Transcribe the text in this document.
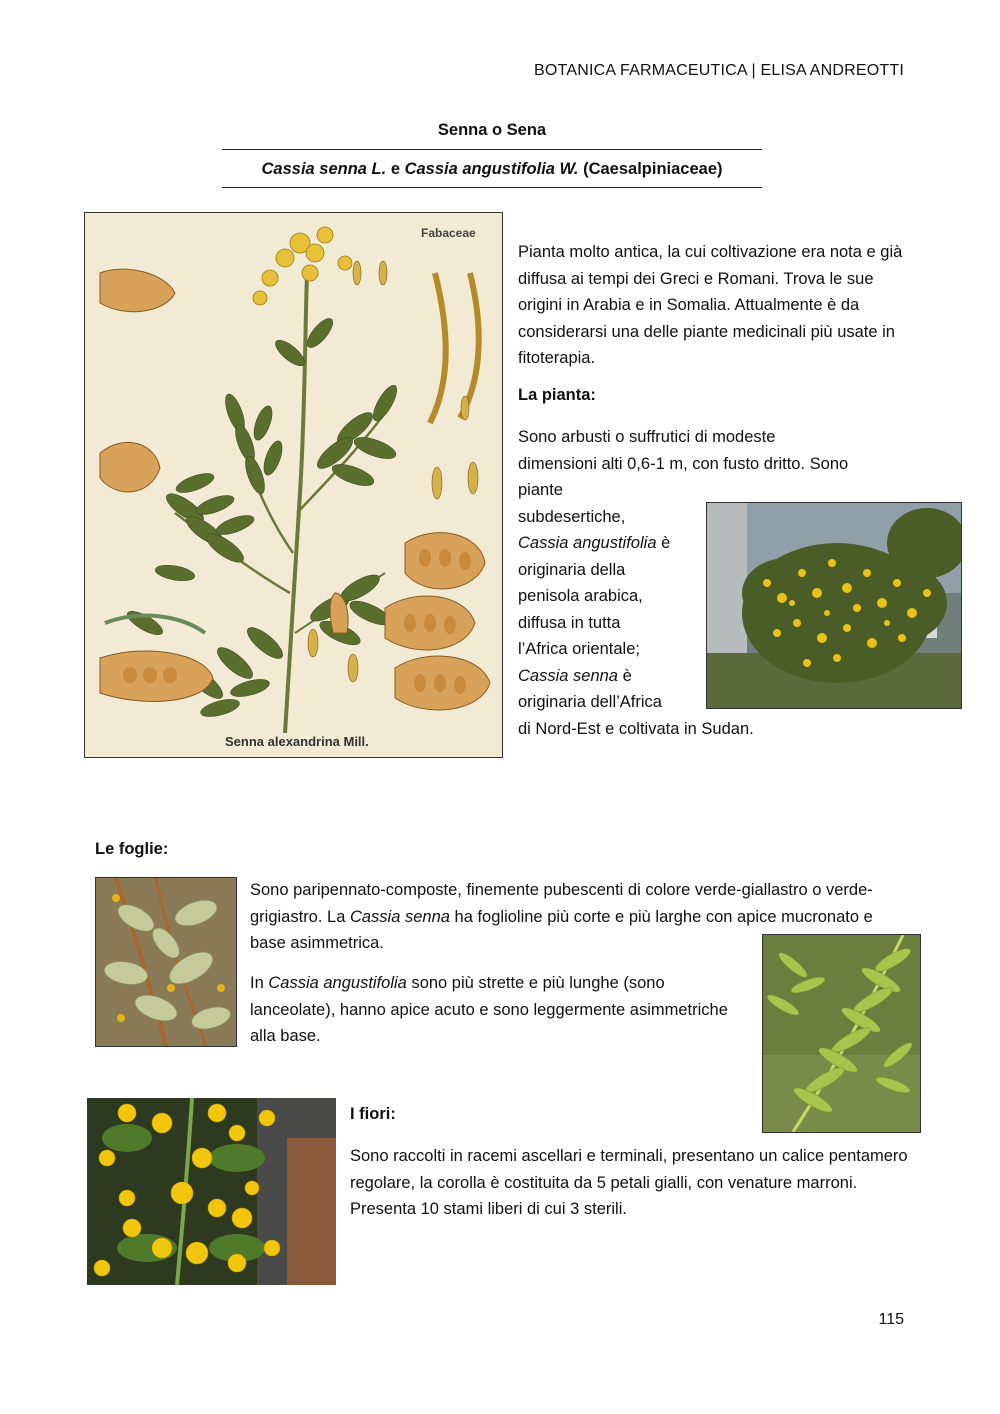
BOTANICA FARMACEUTICA | ELISA ANDREOTTI
Senna o Sena
Cassia senna L. e Cassia angustifolia W. (Caesalpiniaceae)
Fabaceae
Senna alexandrina Mill.

Pianta molto antica, la cui coltivazione era nota e già diffusa ai tempi dei Greci e Romani. Trova le sue origini in Arabia e in Somalia. Attualmente è da considerarsi una delle piante medicinali più usate in fitoterapia.

La pianta:
Sono arbusti o suffrutici di modeste
dimensioni alti 0,6-1 m, con fusto dritto. Sono
piante
subdesertiche,
Cassia angustifolia è
originaria della
penisola arabica,
diffusa in tutta
l’Africa orientale;
Cassia senna è
originaria dell’Africa
di Nord-Est e coltivata in Sudan.
Le foglie:
Sono paripennato-composte, finemente pubescenti di colore verde-giallastro o verde-grigiastro. La Cassia senna ha foglioline più corte e più larghe con apice mucronato e base asimmetrica.
In Cassia angustifolia sono più strette e più lunghe (sono lanceolate), hanno apice acuto e sono leggermente asimmetriche alla base.
I fiori:

Sono raccolti in racemi ascellari e terminali, presentano un calice pentamero regolare, la corolla è costituita da 5 petali gialli, con venature marroni. Presenta 10 stami liberi di cui 3 sterili.

115
